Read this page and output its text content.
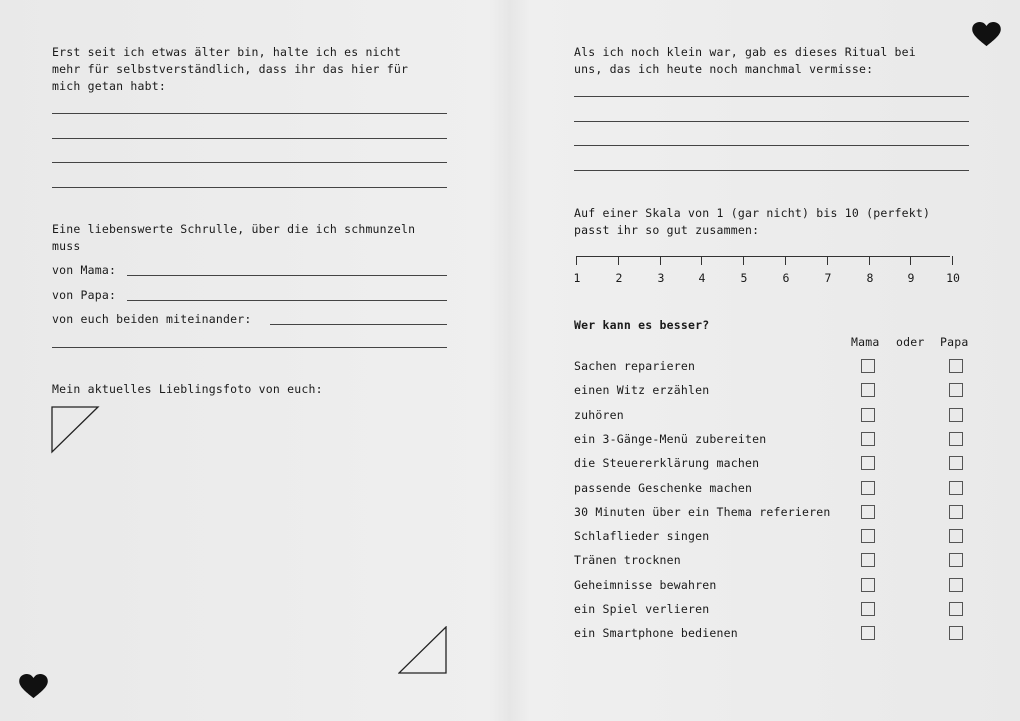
Erst seit ich etwas älter bin, halte ich es nicht
mehr für selbstverständlich, dass ihr das hier für
mich getan habt:
Eine liebenswerte Schrulle, über die ich schmunzeln
muss
von Mama:
von Papa:
von euch beiden miteinander:
Mein aktuelles Lieblingsfoto von euch:
Als ich noch klein war, gab es dieses Ritual bei
uns, das ich heute noch manchmal vermisse:
Auf einer Skala von 1 (gar nicht) bis 10 (perfekt)
passt ihr so gut zusammen:
1	2	3	4	5	6	7	8	9	10
Wer kann es besser?
Mama oder Papa
Sachen reparieren
einen Witz erzählen
zuhören
ein 3-Gänge-Menü zubereiten
die Steuererklärung machen
passende Geschenke machen
30 Minuten über ein Thema referieren
Schlaflieder singen
Tränen trocknen
Geheimnisse bewahren
ein Spiel verlieren
ein Smartphone bedienen
